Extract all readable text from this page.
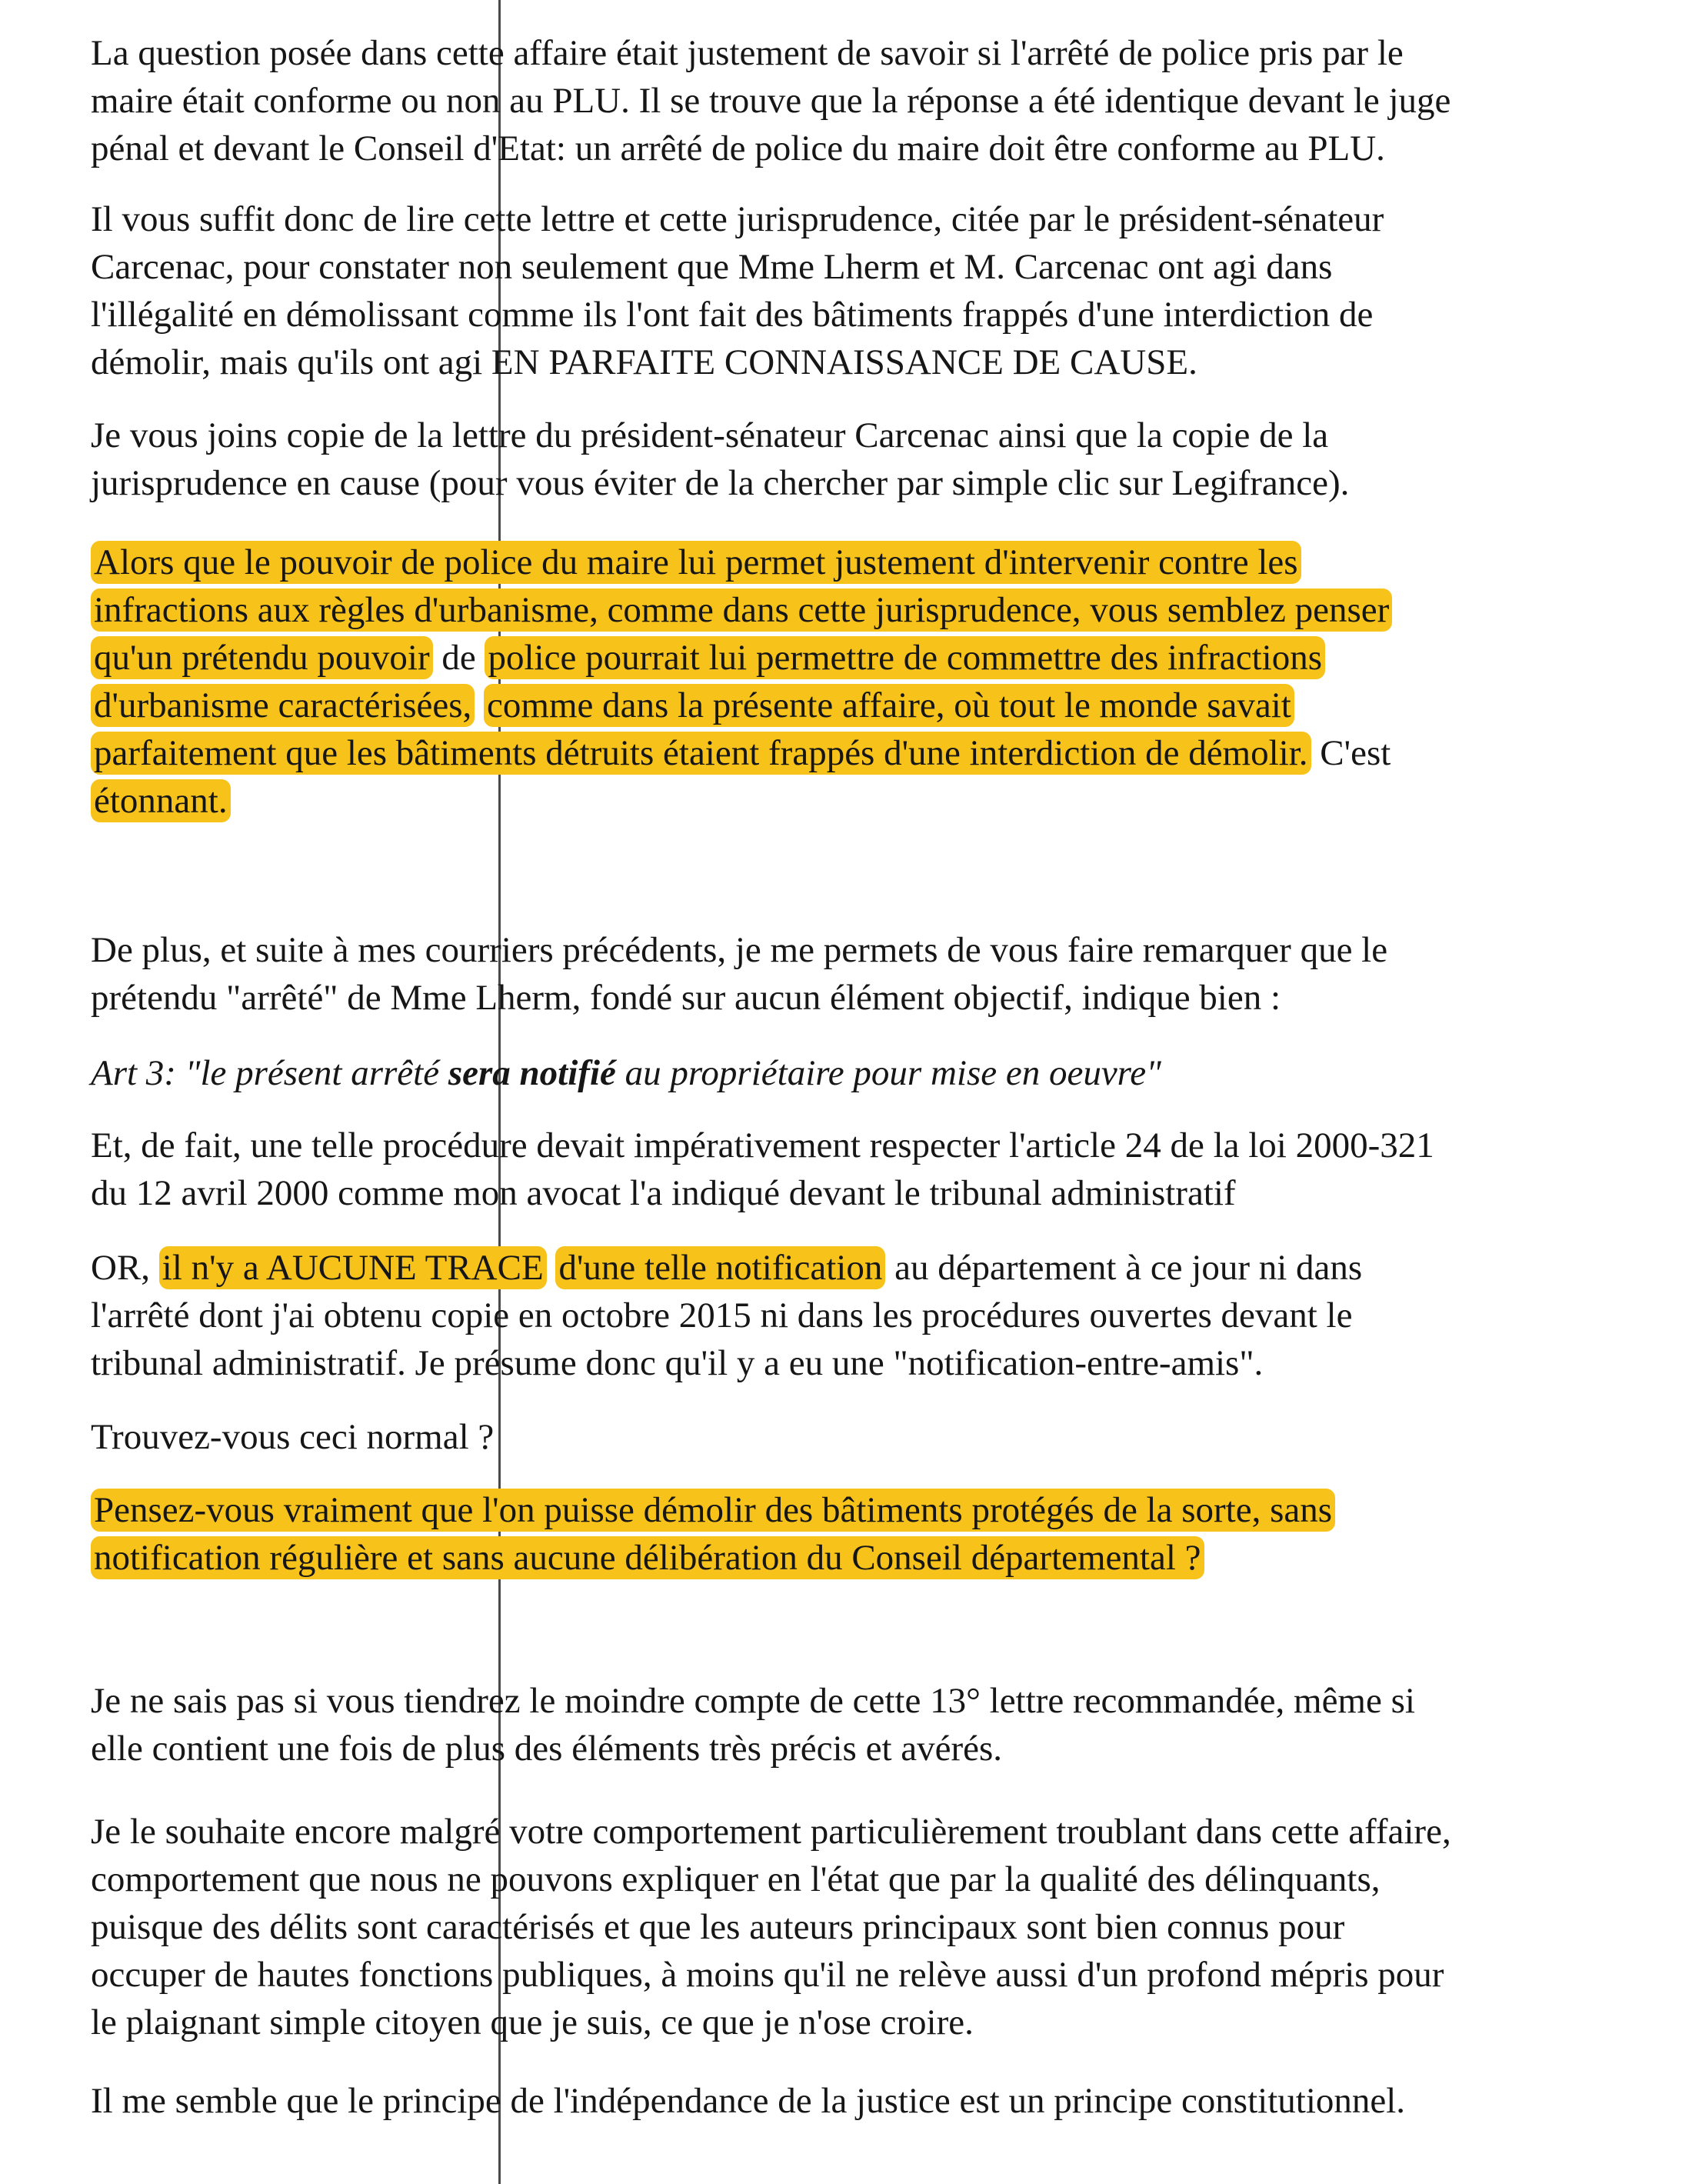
La question posée dans cette affaire était justement de savoir si l'arrêté de police pris par le
maire était conforme ou non au PLU. Il se trouve que la réponse a été identique devant le juge
pénal et devant le Conseil d'Etat: un arrêté de police du maire doit être conforme au PLU.

Il vous suffit donc de lire cette lettre et cette jurisprudence, citée par le président-sénateur
Carcenac, pour constater non seulement que Mme Lherm et M. Carcenac ont agi dans
l'illégalité en démolissant comme ils l'ont fait des bâtiments frappés d'une interdiction de
démolir, mais qu'ils ont agi EN PARFAITE CONNAISSANCE DE CAUSE.

Je vous joins copie de la lettre du président-sénateur Carcenac ainsi que la copie de la
jurisprudence en cause (pour vous éviter de la chercher par simple clic sur Legifrance).

Alors que le pouvoir de police du maire lui permet justement d'intervenir contre les
infractions aux règles d'urbanisme, comme dans cette jurisprudence, vous semblez penser
qu'un prétendu pouvoir de police pourrait lui permettre de commettre des infractions
d'urbanisme caractérisées, comme dans la présente affaire, où tout le monde savait
parfaitement que les bâtiments détruits étaient frappés d'une interdiction de démolir. C'est
étonnant.

De plus, et suite à mes courriers précédents, je me permets de vous faire remarquer que le
prétendu "arrêté" de Mme Lherm, fondé sur aucun élément objectif, indique bien :

Art 3: "le présent arrêté sera notifié au propriétaire pour mise en oeuvre"

Et, de fait, une telle procédure devait impérativement respecter l'article 24 de la loi 2000-321
du 12 avril 2000 comme mon avocat l'a indiqué devant le tribunal administratif

OR, il n'y a AUCUNE TRACE d'une telle notification au département à ce jour ni dans
l'arrêté dont j'ai obtenu copie en octobre 2015 ni dans les procédures ouvertes devant le
tribunal administratif. Je présume donc qu'il y a eu une "notification-entre-amis".

Trouvez-vous ceci normal ?

Pensez-vous vraiment que l'on puisse démolir des bâtiments protégés de la sorte, sans
notification régulière et sans aucune délibération du Conseil départemental ?

Je ne sais pas si vous tiendrez le moindre compte de cette 13° lettre recommandée, même si
elle contient une fois de plus des éléments très précis et avérés.

Je le souhaite encore malgré votre comportement particulièrement troublant dans cette affaire,
comportement que nous ne pouvons expliquer en l'état que par la qualité des délinquants,
puisque des délits sont caractérisés et que les auteurs principaux sont bien connus pour
occuper de hautes fonctions publiques, à moins qu'il ne relève aussi d'un profond mépris pour
le plaignant simple citoyen que je suis, ce que je n'ose croire.

Il me semble que le principe de l'indépendance de la justice est un principe constitutionnel.
